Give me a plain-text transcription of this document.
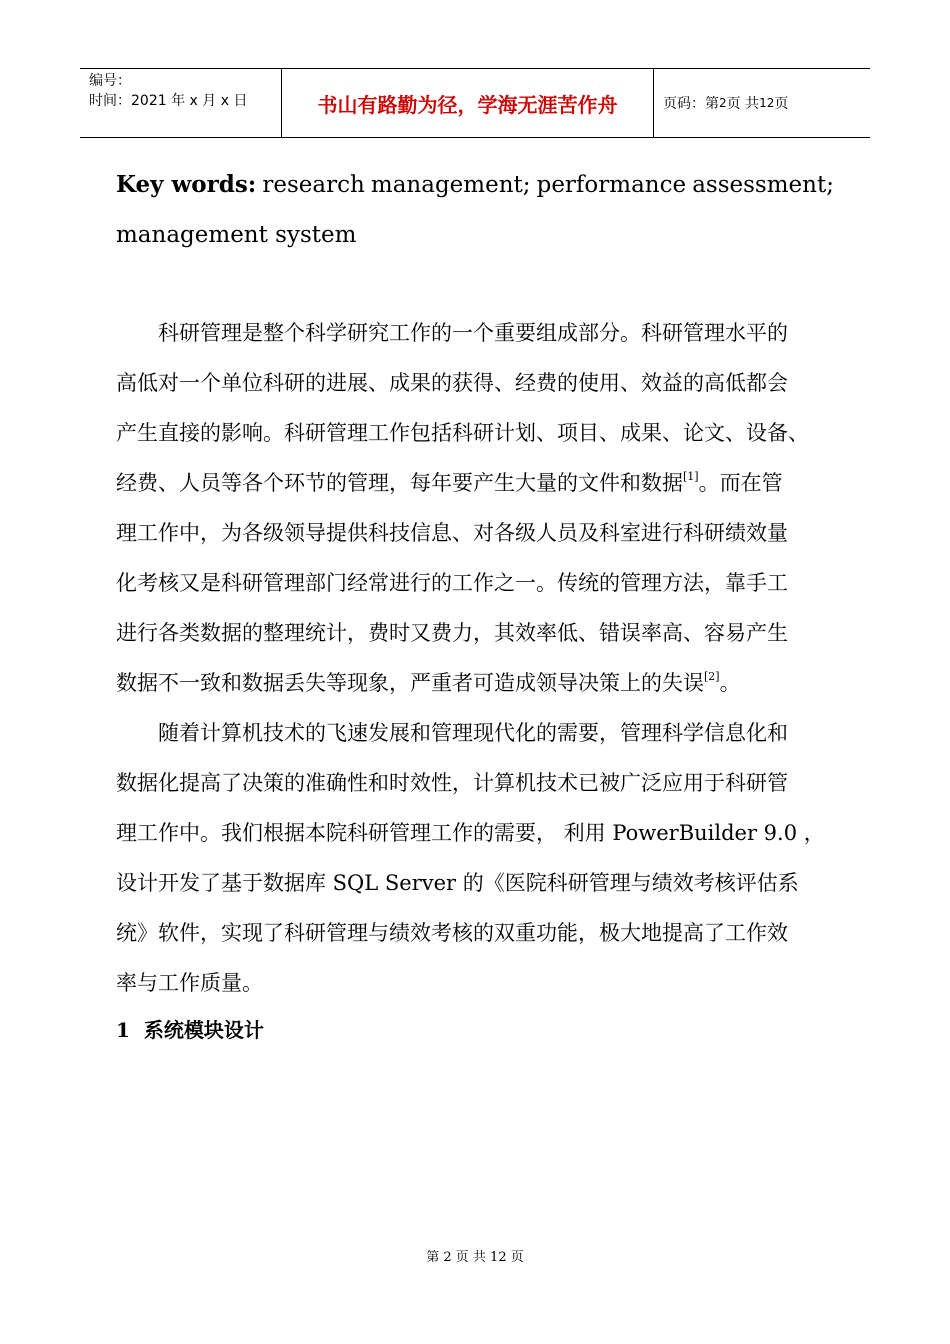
编号：
时间：2021 年 x 月 x 日	书山有路勤为径，学海无涯苦作舟	页码：第 2 页 共 12 页
Key words: research management; performance assessment;
management system
科研管理是整个科学研究工作的一个重要组成部分。科研管理水平的
高低对一个单位科研的进展、成果的获得、经费的使用、效益的高低都会
产生直接的影响。科研管理工作包括科研计划、项目、成果、论文、设备、
经费、人员等各个环节的管理，每年要产生大量的文件和数据[1]。而在管
理工作中，为各级领导提供科技信息、对各级人员及科室进行科研绩效量
化考核又是科研管理部门经常进行的工作之一。传统的管理方法，靠手工
进行各类数据的整理统计，费时又费力，其效率低、错误率高、容易产生
数据不一致和数据丢失等现象，严重者可造成领导决策上的失误[2]。
随着计算机技术的飞速发展和管理现代化的需要，管理科学信息化和
数据化提高了决策的准确性和时效性，计算机技术已被广泛应用于科研管
理工作中。我们根据本院科研管理工作的需要， 利用 PowerBuilder 9.0 ，
设计开发了基于数据库 SQL Server 的《医院科研管理与绩效考核评估系
统》软件，实现了科研管理与绩效考核的双重功能，极大地提高了工作效
率与工作质量。
1 系统模块设计
第 2 页 共 12 页
